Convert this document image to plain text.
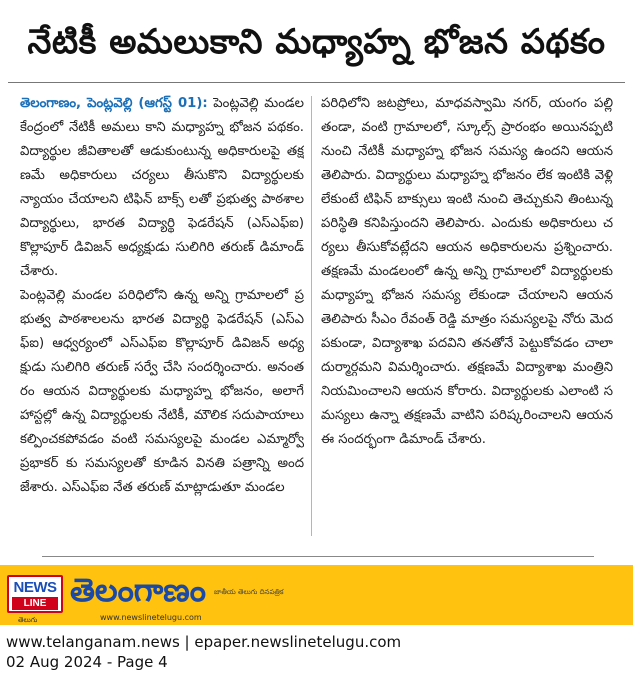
నేటికీ అమలుకాని మధ్యాహ్న భోజన పథకం

తెలంగాణం, పెంట్లవెల్లి (ఆగస్ట్ 01): పెంట్లవెల్లి మండల కేంద్రంలో నేటికీ అమలు కాని మధ్యాహ్న భోజన పథకం. విద్యార్థుల జీవితాలతో ఆడుకుంటున్న అధికారులపై తక్షణమే అధికారులు చర్యలు తీసుకొని విద్యార్థులకు న్యాయం చేయాలని టిఫిన్ బాక్స్ లతో ప్రభుత్వ పాఠశాల విద్యార్థులు, భారత విద్యార్థి ఫెడరేషన్ (ఎస్ఎఫ్ఐ) కొల్లాపూర్ డివిజన్ అధ్యక్షుడు సులిగిరి తరుణ్ డిమాండ్ చేశారు.

పెంట్లవెల్లి మండల పరిధిలోని ఉన్న అన్ని గ్రామాలలో ప్రభుత్వ పాఠశాలలను భారత విద్యార్థి ఫెడరేషన్ (ఎస్ఎఫ్ఐ) ఆధ్వర్యంలో ఎస్ఎఫ్ఐ కొల్లాపూర్ డివిజన్ అధ్యక్షుడు సులిగిరి తరుణ్ సర్వే చేసి సందర్శించారు. అనంతరం ఆయన విద్యార్థులకు మధ్యాహ్న భోజనం, అలాగే హాస్టల్లో ఉన్న విద్యార్థులకు నేటికీ, మౌలిక సదుపాయాలు కల్పించకపోవడం వంటి సమస్యలపై మండల ఎమ్మార్వో ప్రభాకర్ కు సమస్యలతో కూడిన వినతి పత్రాన్ని అందజేశారు. ఎస్ఎఫ్ఐ నేత తరుణ్ మాట్లాడుతూ మండల

పరిధిలోని జటప్రోలు, మాధవస్వామి నగర్, యంగం పల్లి తండా, వంటి గ్రామాలలో, స్కూల్స్ ప్రారంభం అయినప్పటి నుంచి నేటికీ మధ్యాహ్న భోజన సమస్య ఉందని ఆయన తెలిపారు. విద్యార్థులు మధ్యాహ్న భోజనం లేక ఇంటికి వెళ్లి లేకుంటే టిఫిన్ బాక్సులు ఇంటి నుంచి తెచ్చుకుని తింటున్న పరిస్థితి కనిపిస్తుందని తెలిపారు. ఎందుకు అధికారులు చర్యలు తీసుకోవట్లేదని ఆయన అధికారులను ప్రశ్నించారు. తక్షణమే మండలంలో ఉన్న అన్ని గ్రామాలలో విద్యార్థులకు మధ్యాహ్న భోజన సమస్య లేకుండా చేయాలని ఆయన తెలిపారు సీఎం రేవంత్ రెడ్డి మాత్రం సమస్యలపై నోరు మెదపకుండా, విద్యాశాఖ పదవిని తనతోనే పెట్టుకోవడం చాలా దుర్మార్గమని విమర్శించారు. తక్షణమే విద్యాశాఖ మంత్రిని నియమించాలని ఆయన కోరారు. విద్యార్థులకు ఎలాంటి సమస్యలు ఉన్నా తక్షణమే వాటిని పరిష్కరించాలని ఆయన ఈ సందర్భంగా డిమాండ్ చేశారు.

NEWS
LINE
తెలుగు
తెలంగాణం జాతీయ తెలుగు దినపత్రిక
www.newslinetelugu.com
www.telanganam.news | epaper.newslinetelugu.com
02 Aug 2024 - Page 4
